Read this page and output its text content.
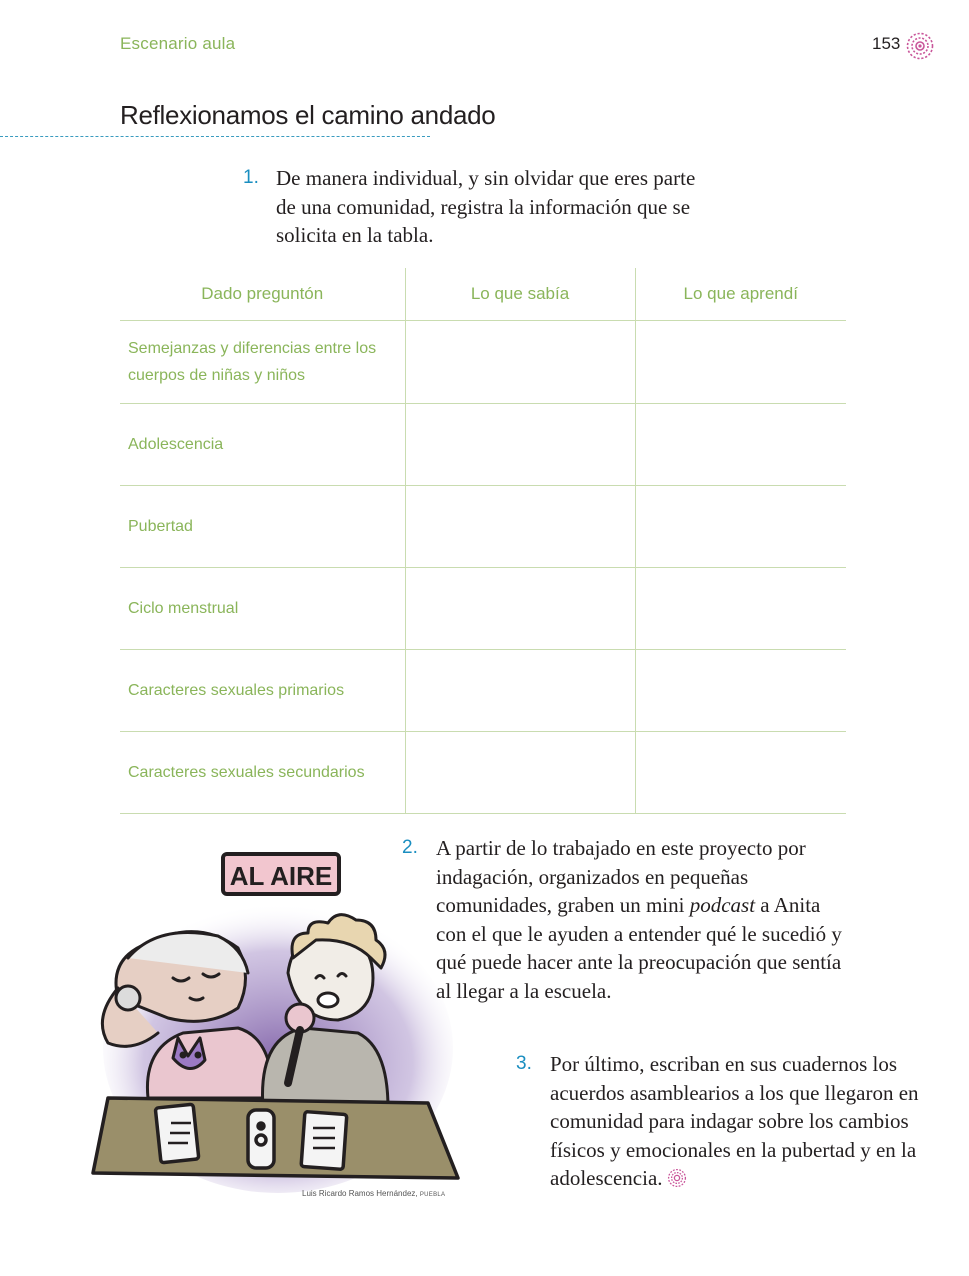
Escenario aula	153
Reflexionamos el camino andado
1. De manera individual, y sin olvidar que eres parte de una comunidad, registra la información que se solicita en la tabla.
Dado preguntón	Lo que sabía	Lo que aprendí
Semejanzas y diferencias entre los cuerpos de niñas y niños		
Adolescencia		
Pubertad		
Ciclo menstrual		
Caracteres sexuales primarios		
Caracteres sexuales secundarios		
AL AIRE
Luis Ricardo Ramos Hernández, PUEBLA
2. A partir de lo trabajado en este proyecto por indagación, organizados en pequeñas comunidades, graben un mini podcast a Anita con el que le ayuden a entender qué le sucedió y qué puede hacer ante la preocupación que sentía al llegar a la escuela.
3. Por último, escriban en sus cuadernos los acuerdos asamblearios a los que llegaron en comunidad para indagar sobre los cambios físicos y emocionales en la pubertad y en la adolescencia.
